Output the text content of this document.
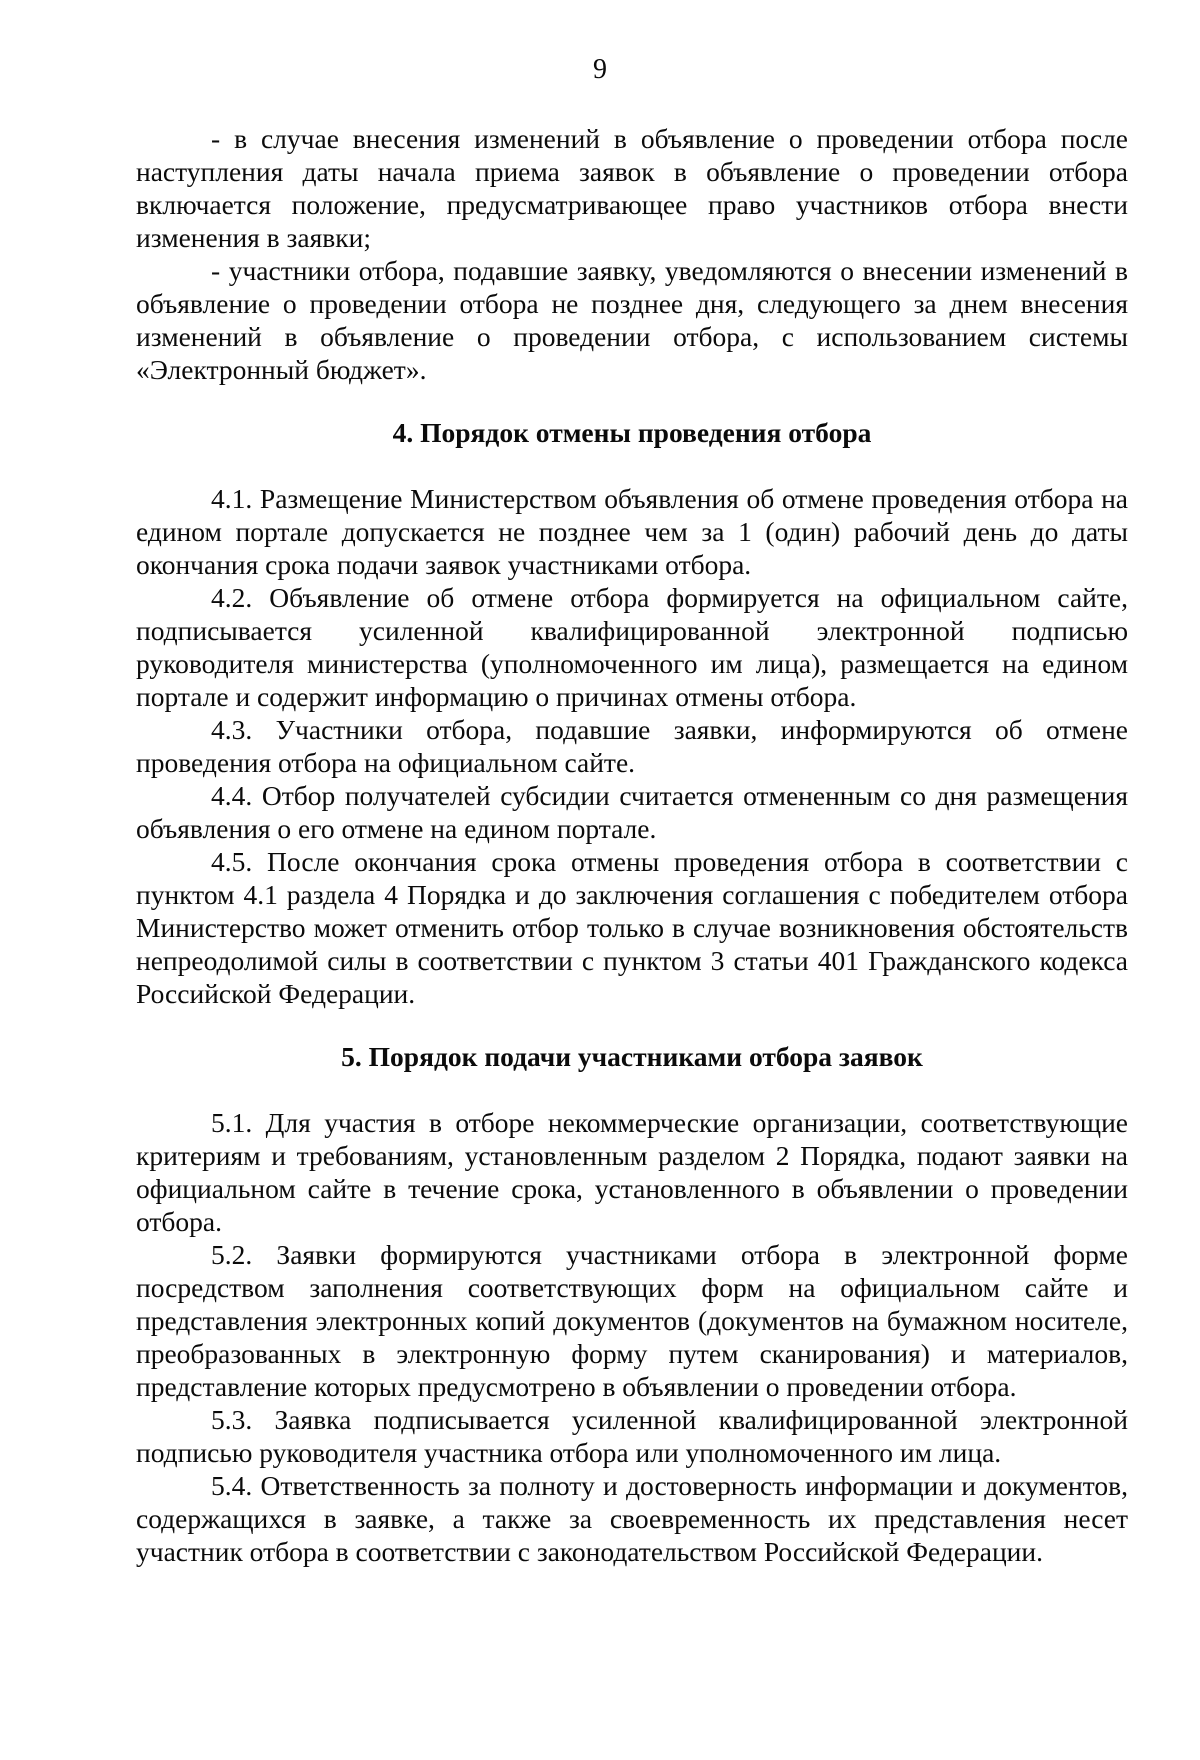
9

- в случае внесения изменений в объявление о проведении отбора после наступления даты начала приема заявок в объявление о проведении отбора включается положение, предусматривающее право участников отбора внести изменения в заявки;

- участники отбора, подавшие заявку, уведомляются о внесении изменений в объявление о проведении отбора не позднее дня, следующего за днем внесения изменений в объявление о проведении отбора, с использованием системы «Электронный бюджет».

4. Порядок отмены проведения отбора

4.1. Размещение Министерством объявления об отмене проведения отбора на едином портале допускается не позднее чем за 1 (один) рабочий день до даты окончания срока подачи заявок участниками отбора.

4.2. Объявление об отмене отбора формируется на официальном сайте, подписывается усиленной квалифицированной электронной подписью руководителя министерства (уполномоченного им лица), размещается на едином портале и содержит информацию о причинах отмены отбора.

4.3. Участники отбора, подавшие заявки, информируются об отмене проведения отбора на официальном сайте.

4.4. Отбор получателей субсидии считается отмененным со дня размещения объявления о его отмене на едином портале.

4.5. После окончания срока отмены проведения отбора в соответствии с пунктом 4.1 раздела 4 Порядка и до заключения соглашения с победителем отбора Министерство может отменить отбор только в случае возникновения обстоятельств непреодолимой силы в соответствии с пунктом 3 статьи 401 Гражданского кодекса Российской Федерации.

5. Порядок подачи участниками отбора заявок

5.1. Для участия в отборе некоммерческие организации, соответствующие критериям и требованиям, установленным разделом 2 Порядка, подают заявки на официальном сайте в течение срока, установленного в объявлении о проведении отбора.

5.2. Заявки формируются участниками отбора в электронной форме посредством заполнения соответствующих форм на официальном сайте и представления электронных копий документов (документов на бумажном носителе, преобразованных в электронную форму путем сканирования) и материалов, представление которых предусмотрено в объявлении о проведении отбора.

5.3. Заявка подписывается усиленной квалифицированной электронной подписью руководителя участника отбора или уполномоченного им лица.

5.4. Ответственность за полноту и достоверность информации и документов, содержащихся в заявке, а также за своевременность их представления несет участник отбора в соответствии с законодательством Российской Федерации.
